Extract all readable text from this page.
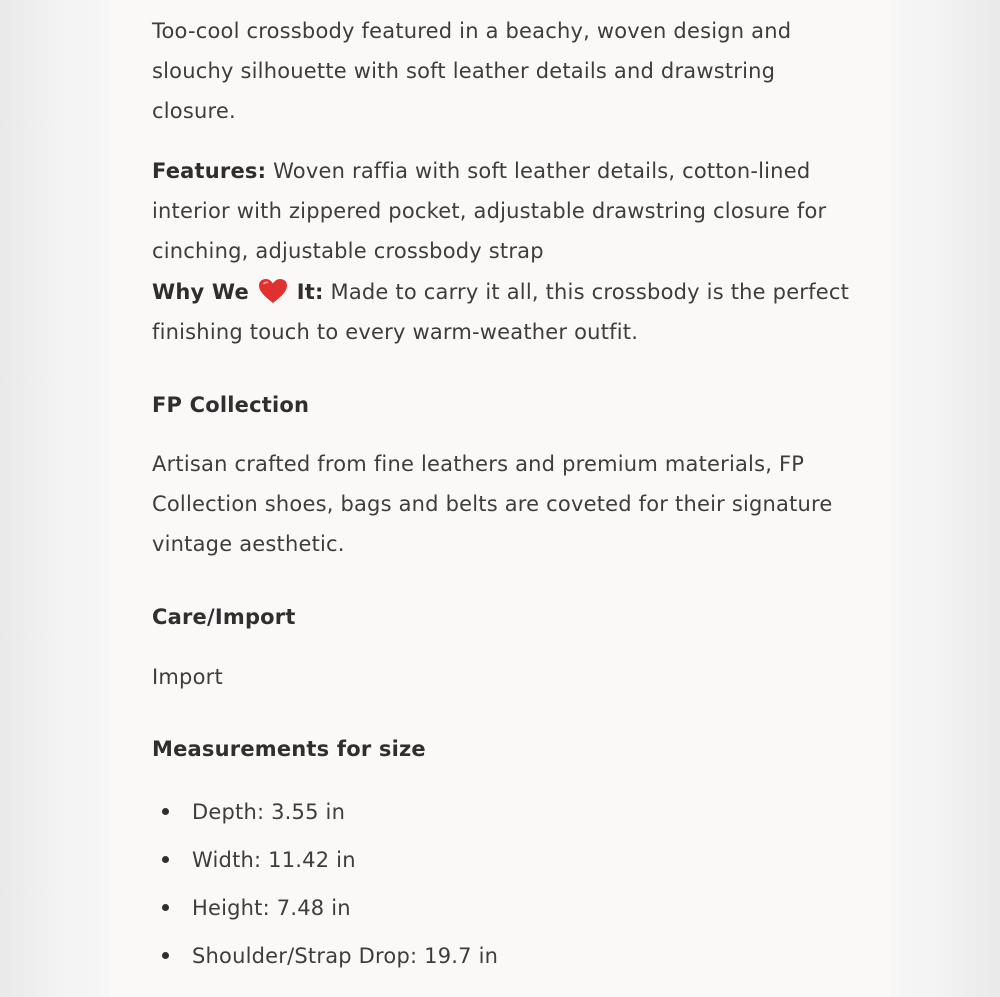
Too-cool crossbody featured in a beachy, woven design and slouchy silhouette with soft leather details and drawstring closure.

Features: Woven raffia with soft leather details, cotton-lined interior with zippered pocket, adjustable drawstring closure for cinching, adjustable crossbody strap

Why We It: Made to carry it all, this crossbody is the perfect finishing touch to every warm-weather outfit.

FP Collection

Artisan crafted from fine leathers and premium materials, FP Collection shoes, bags and belts are coveted for their signature vintage aesthetic.

Care/Import

Import

Measurements for size
Depth: 3.55 in
Width: 11.42 in
Height: 7.48 in
Shoulder/Strap Drop: 19.7 in
